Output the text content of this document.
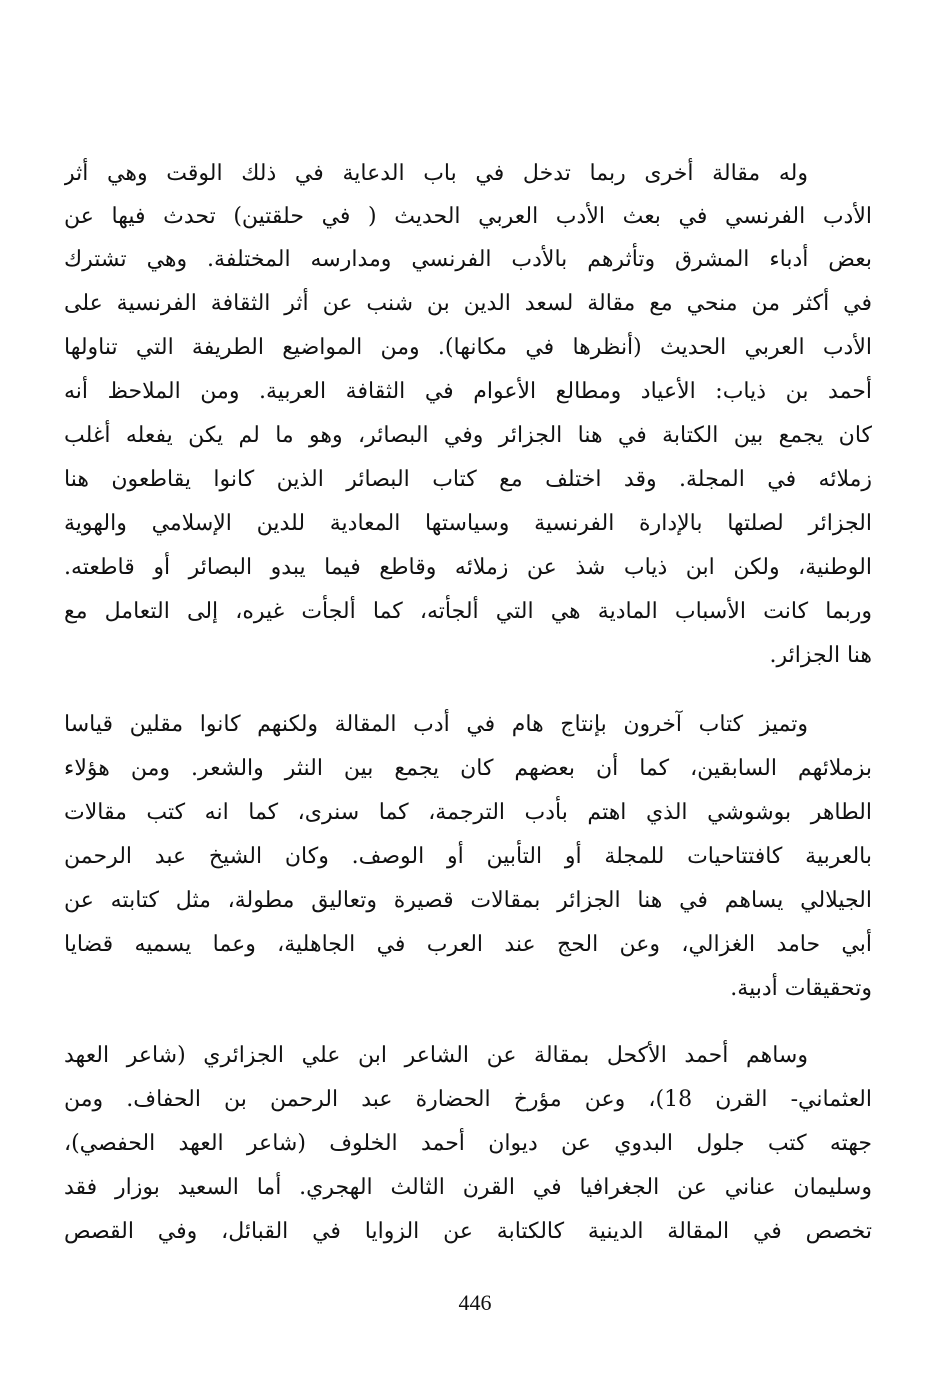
وله مقالة أخرى ربما تدخل في باب الدعاية في ذلك الوقت وهي أثر
الأدب الفرنسي في بعث الأدب العربي الحديث ( في حلقتين) تحدث فيها عن
بعض أدباء المشرق وتأثرهم بالأدب الفرنسي ومدارسه المختلفة. وهي تشترك
في أكثر من منحي مع مقالة لسعد الدين بن شنب عن أثر الثقافة الفرنسية على
الأدب العربي الحديث (أنظرها في مكانها). ومن المواضيع الطريفة التي تناولها
أحمد بن ذياب: الأعياد ومطالع الأعوام في الثقافة العربية. ومن الملاحظ أنه
كان يجمع بين الكتابة في هنا الجزائر وفي البصائر، وهو ما لم يكن يفعله أغلب
زملائه في المجلة. وقد اختلف مع كتاب البصائر الذين كانوا يقاطعون هنا
الجزائر لصلتها بالإدارة الفرنسية وسياستها المعادية للدين الإسلامي والهوية
الوطنية، ولكن ابن ذياب شذ عن زملائه وقاطع فيما يبدو البصائر أو قاطعته.
وربما كانت الأسباب المادية هي التي ألجأته، كما ألجأت غيره، إلى التعامل مع
هنا الجزائر.
وتميز كتاب آخرون بإنتاج هام في أدب المقالة ولكنهم كانوا مقلين قياسا
بزملائهم السابقين، كما أن بعضهم كان يجمع بين النثر والشعر. ومن هؤلاء
الطاهر بوشوشي الذي اهتم بأدب الترجمة، كما سنرى، كما انه كتب مقالات
بالعربية كافتتاحيات للمجلة أو التأبين أو الوصف. وكان الشيخ عبد الرحمن
الجيلالي يساهم في هنا الجزائر بمقالات قصيرة وتعاليق مطولة، مثل كتابته عن
أبي حامد الغزالي، وعن الحج عند العرب في الجاهلية، وعما يسميه قضايا
وتحقيقات أدبية.
وساهم أحمد الأكحل بمقالة عن الشاعر ابن علي الجزائري (شاعر العهد
العثماني- القرن 18)، وعن مؤرخ الحضارة عبد الرحمن بن الحفاف. ومن
جهته كتب جلول البدوي عن ديوان أحمد الخلوف (شاعر العهد الحفصي)،
وسليمان عناني عن الجغرافيا في القرن الثالث الهجري. أما السعيد بوزار فقد
تخصص في المقالة الدينية كالكتابة عن الزوايا في القبائل، وفي القصص
446
